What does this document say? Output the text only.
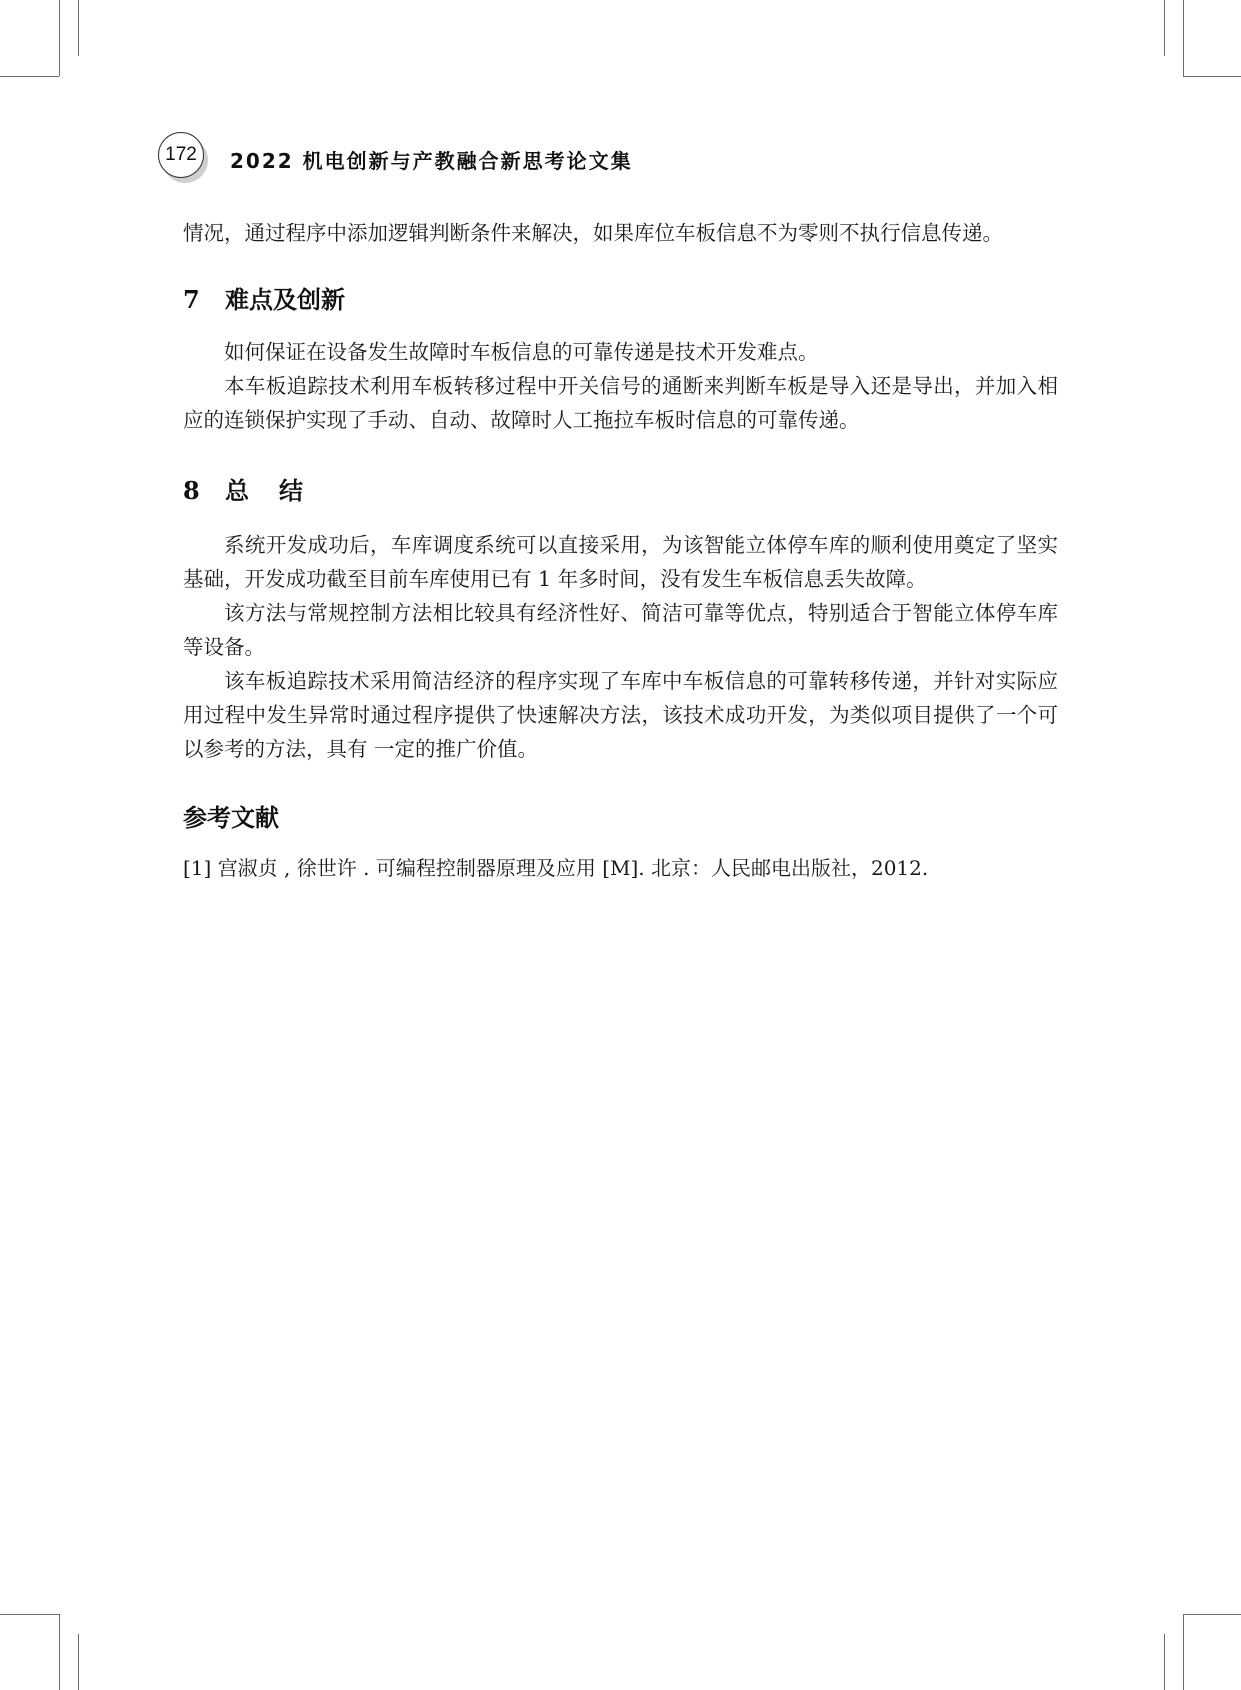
172	2022 机电创新与产教融合新思考论文集

情况，通过程序中添加逻辑判断条件来解决，如果库位车板信息不为零则不执行信息传递。

7 难点及创新

如何保证在设备发生故障时车板信息的可靠传递是技术开发难点。

本车板追踪技术利用车板转移过程中开关信号的通断来判断车板是导入还是导出，并加入相应的连锁保护实现了手动、自动、故障时人工拖拉车板时信息的可靠传递。

8 总结

系统开发成功后，车库调度系统可以直接采用，为该智能立体停车库的顺利使用奠定了坚实基础，开发成功截至目前车库使用已有 1 年多时间，没有发生车板信息丢失故障。

该方法与常规控制方法相比较具有经济性好、简洁可靠等优点，特别适合于智能立体停车库等设备。

该车板追踪技术采用简洁经济的程序实现了车库中车板信息的可靠转移传递，并针对实际应用过程中发生异常时通过程序提供了快速解决方法，该技术成功开发，为类似项目提供了一个可以参考的方法，具有 一定的推广价值。

参考文献
[1] 宫淑贞 , 徐世许 . 可编程控制器原理及应用 [M]. 北京：人民邮电出版社，2012.
